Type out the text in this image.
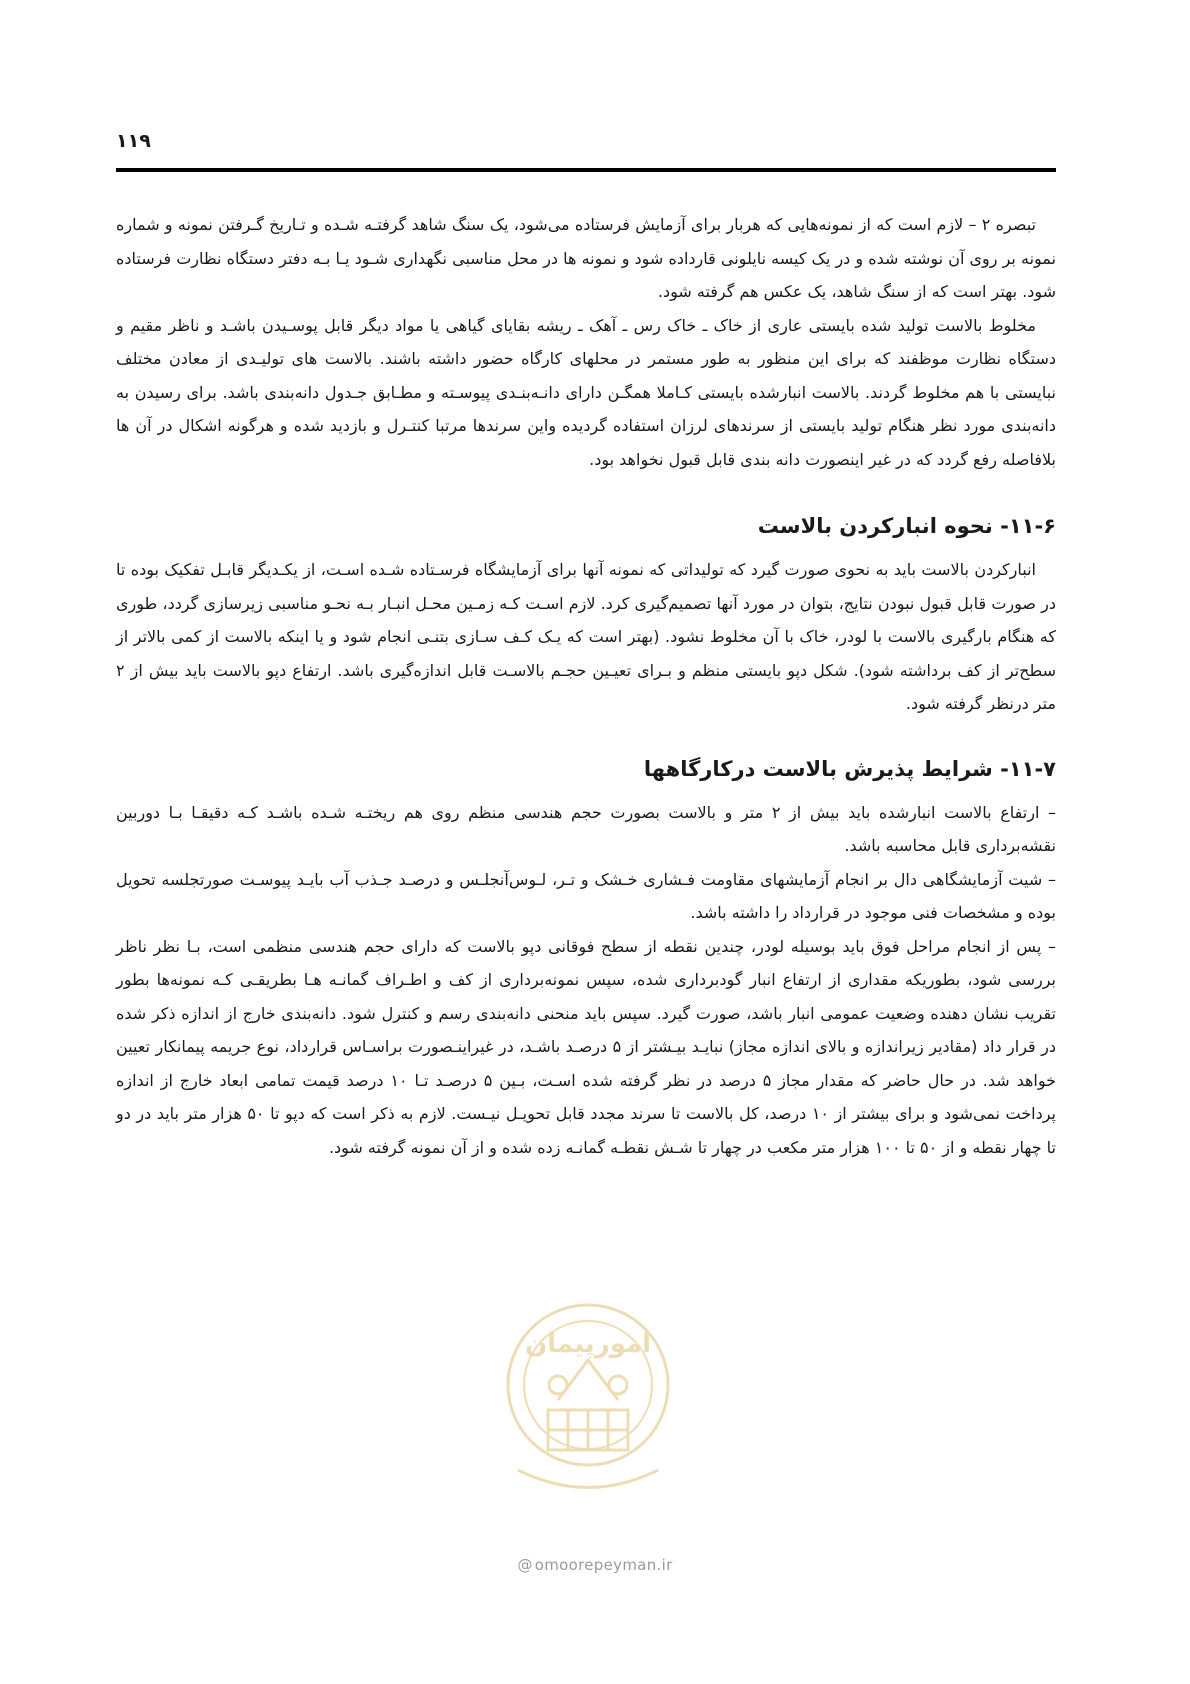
۱۱۹

تبصره ۲ – لازم است که از نمونه‌هایی که هربار برای آزمایش فرستاده می‌شود، یک سنگ شاهد گرفتـه شـده و تـاریخ گـرفتن نمونه و شماره نمونه بر روی آن نوشته شده و در یک کیسه نایلونی قارداده شود و نمونه ها در محل مناسبی نگهداری شـود یـا بـه دفتر دستگاه نظارت فرستاده شود. بهتر است که از سنگ شاهد، یک عکس هم گرفته شود.

مخلوط بالاست تولید شده بایستی عاری از خاک ـ خاک رس ـ آهک ـ ریشه بقایای گیاهی یا مواد دیگر قابل پوسـیدن باشـد و ناظر مقیم و دستگاه نظارت موظفند که برای این منظور به طور مستمر در محلهای کارگاه حضور داشته باشند. بالاست های تولیـدی از معادن مختلف نبایستی با هم مخلوط گردند. بالاست انبارشده بایستی کـاملا همگـن دارای دانـه‌بنـدی پیوسـته و مطـابق جـدول دانه‌بندی باشد. برای رسیدن به دانه‌بندی مورد نظر هنگام تولید بایستی از سرندهای لرزان استفاده گردیده واین سرندها مرتبا کنتـرل و بازدید شده و هرگونه اشکال در آن ها بلافاصله رفع گردد که در غیر اینصورت دانه بندی قابل قبول نخواهد بود.

۱۱-۶- نحوه انبارکردن بالاست

انبارکردن بالاست باید به نحوی صورت گیرد که تولیداتی که نمونه آنها برای آزمایشگاه فرسـتاده شـده اسـت، از یکـدیگر قابـل تفکیک بوده تا در صورت قابل قبول نبودن نتایج، بتوان در مورد آنها تصمیم‌گیری کرد. لازم اسـت کـه زمـین محـل انبـار بـه نحـو مناسبی زیرسازی گردد، طوری که هنگام بارگیری بالاست با لودر، خاک با آن مخلوط نشود. (بهتر است که یـک کـف سـازی بتنـی انجام شود و یا اینکه بالاست از کمی بالاتر از سطح‌تر از کف برداشته شود). شکل دپو بایستی منظم و بـرای تعیـین حجـم بالاسـت قابل اندازه‌گیری باشد. ارتفاع دپو بالاست باید بیش از ۲ متر درنظر گرفته شود.

۱۱-۷- شرایط پذیرش بالاست درکارگاهها

– ارتفاع بالاست انبارشده باید بیش از ۲ متر و بالاست بصورت حجم هندسی منظم روی هم ریختـه شـده باشـد کـه دقیقـا بـا دوربین نقشه‌برداری قابل محاسبه باشد.

– شیت آزمایشگاهی دال بر انجام آزمایشهای مقاومت فـشاری خـشک و تـر، لـوس‌آنجلـس و درصـد جـذب آب بایـد پیوسـت صورتجلسه تحویل بوده و مشخصات فنی موجود در قرارداد را داشته باشد.

– پس از انجام مراحل فوق باید بوسیله لودر، چندین نقطه از سطح فوقانی دپو بالاست که دارای حجم هندسی منظمی است، بـا نظر ناظر بررسی شود، بطوریکه مقداری از ارتفاع انبار گودبرداری شده، سپس نمونه‌برداری از کف و اطـراف گمانـه هـا بطریقـی کـه نمونه‌ها بطور تقریب نشان دهنده وضعیت عمومی انبار باشد، صورت گیرد. سپس باید منحنی دانه‌بندی رسم و کنترل شود. دانه‌بندی خارج از اندازه ذکر شده در قرار داد (مقادیر زیراندازه و بالای اندازه مجاز) نبایـد بیـشتر از ۵ درصـد باشـد، در غیراینـصورت براسـاس قرارداد، نوع جریمه پیمانکار تعیین خواهد شد. در حال حاضر که مقدار مجاز ۵ درصد در نظر گرفته شده اسـت، بـین ۵ درصـد تـا ۱۰ درصد قیمت تمامی ابعاد خارج از اندازه پرداخت نمی‌شود و برای بیشتر از ۱۰ درصد، کل بالاست تا سرند مجدد قابل تحویـل نیـست. لازم به ذکر است که دپو تا ۵۰ هزار متر باید در دو تا چهار نقطه و از ۵۰ تا ۱۰۰ هزار متر مکعب در چهار تا شـش نقطـه گمانـه زده شده و از آن نمونه گرفته شود.

امورپیمان
@ omoorepeyman.ir
